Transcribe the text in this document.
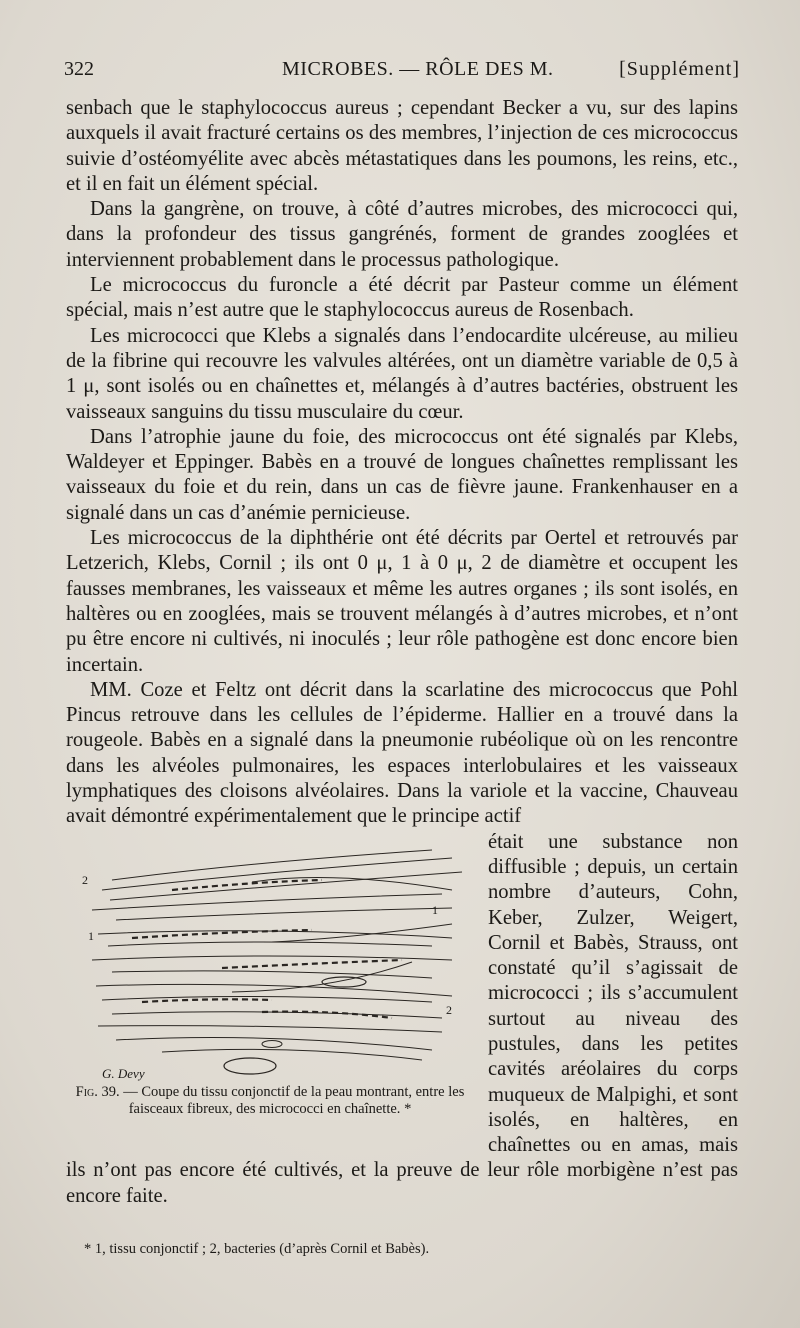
322	MICROBES. — RÔLE DES M.	[Supplément]

senbach que le staphylococcus aureus ; cependant Becker a vu, sur des lapins auxquels il avait fracturé certains os des membres, l’injection de ces micrococcus suivie d’ostéomyélite avec abcès métastatiques dans les poumons, les reins, etc., et il en fait un élément spécial.

Dans la gangrène, on trouve, à côté d’autres microbes, des micrococci qui, dans la profondeur des tissus gangrénés, forment de grandes zooglées et interviennent probablement dans le processus pathologique.

Le micrococcus du furoncle a été décrit par Pasteur comme un élément spécial, mais n’est autre que le staphylococcus aureus de Rosenbach.

Les micrococci que Klebs a signalés dans l’endocardite ulcéreuse, au milieu de la fibrine qui recouvre les valvules altérées, ont un diamètre variable de 0,5 à 1 μ, sont isolés ou en chaînettes et, mélangés à d’autres bactéries, obstruent les vaisseaux sanguins du tissu musculaire du cœur.

Dans l’atrophie jaune du foie, des micrococcus ont été signalés par Klebs, Waldeyer et Eppinger. Babès en a trouvé de longues chaînettes remplissant les vaisseaux du foie et du rein, dans un cas de fièvre jaune. Frankenhauser en a signalé dans un cas d’anémie pernicieuse.

Les micrococcus de la diphthérie ont été décrits par Oertel et retrouvés par Letzerich, Klebs, Cornil ; ils ont 0 μ, 1 à 0 μ, 2 de diamètre et occupent les fausses membranes, les vaisseaux et même les autres organes ; ils sont isolés, en haltères ou en zooglées, mais se trouvent mélangés à d’autres microbes, et n’ont pu être encore ni cultivés, ni inoculés ; leur rôle pathogène est donc encore bien incertain.

MM. Coze et Feltz ont décrit dans la scarlatine des micrococcus que Pohl Pincus retrouve dans les cellules de l’épiderme. Hallier en a trouvé dans la rougeole. Babès en a signalé dans la pneumonie rubéolique où on les rencontre dans les alvéoles pulmonaires, les espaces interlobulaires et les vaisseaux lymphatiques des cloisons alvéolaires. Dans la variole et la vaccine, Chauveau avait démontré expérimentalement que le principe actif

2
1
1
2
G. Devy
Fig. 39. — Coupe du tissu conjonctif de la peau montrant, entre les faisceaux fibreux, des micrococci en chaînette. *

était une substance non diffusible ; depuis, un certain nombre d’auteurs, Cohn, Keber, Zulzer, Weigert, Cornil et Babès, Strauss, ont constaté qu’il s’agissait de micrococci ; ils s’accumulent surtout au niveau des pustules, dans les petites cavités aréolaires du corps muqueux de Malpighi, et sont isolés, en haltères, en chaînettes ou en amas, mais ils n’ont pas encore été cultivés, et la preuve de leur rôle morbigène n’est pas encore faite.

* 1, tissu conjonctif ; 2, bacteries (d’après Cornil et Babès).
